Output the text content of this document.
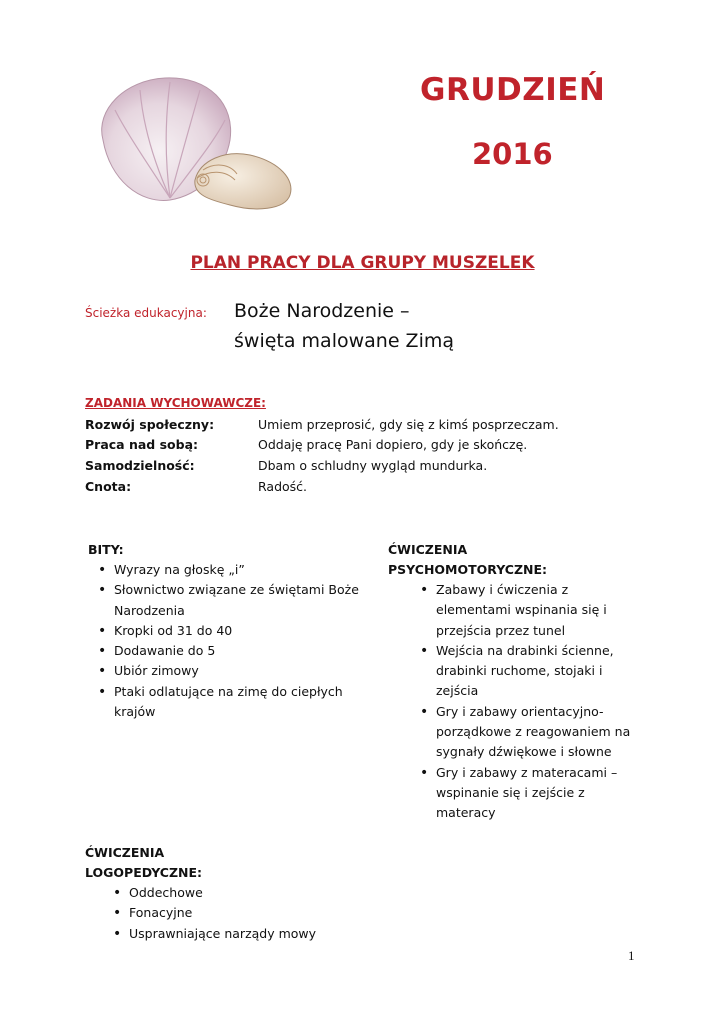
GRUDZIEŃ
2016
PLAN PRACY DLA GRUPY MUSZELEK
Ścieżka edukacyjna: Boże Narodzenie –
święta malowane Zimą
ZADANIA WYCHOWAWCZE:
Rozwój społeczny:	Umiem przeprosić, gdy się z kimś posprzeczam.
Praca nad sobą:	Oddaję pracę Pani dopiero, gdy je skończę.
Samodzielność:	Dbam o schludny wygląd mundurka.
Cnota:	Radość.
BITY:
• Wyrazy na głoskę „i”
• Słownictwo związane ze świętami Boże Narodzenia
• Kropki od 31 do 40
• Dodawanie do 5
• Ubiór zimowy
• Ptaki odlatujące na zimę do ciepłych krajów
ĆWICZENIA
PSYCHOMOTORYCZNE:
• Zabawy i ćwiczenia z elementami wspinania się i przejścia przez tunel
• Wejścia na drabinki ścienne, drabinki ruchome, stojaki i zejścia
• Gry i zabawy orientacyjno-porządkowe z reagowaniem na sygnały dźwiękowe i słowne
• Gry i zabawy z materacami – wspinanie się i zejście z materacy
ĆWICZENIA
LOGOPEDYCZNE:
• Oddechowe
• Fonacyjne
• Usprawniające narządy mowy
1
